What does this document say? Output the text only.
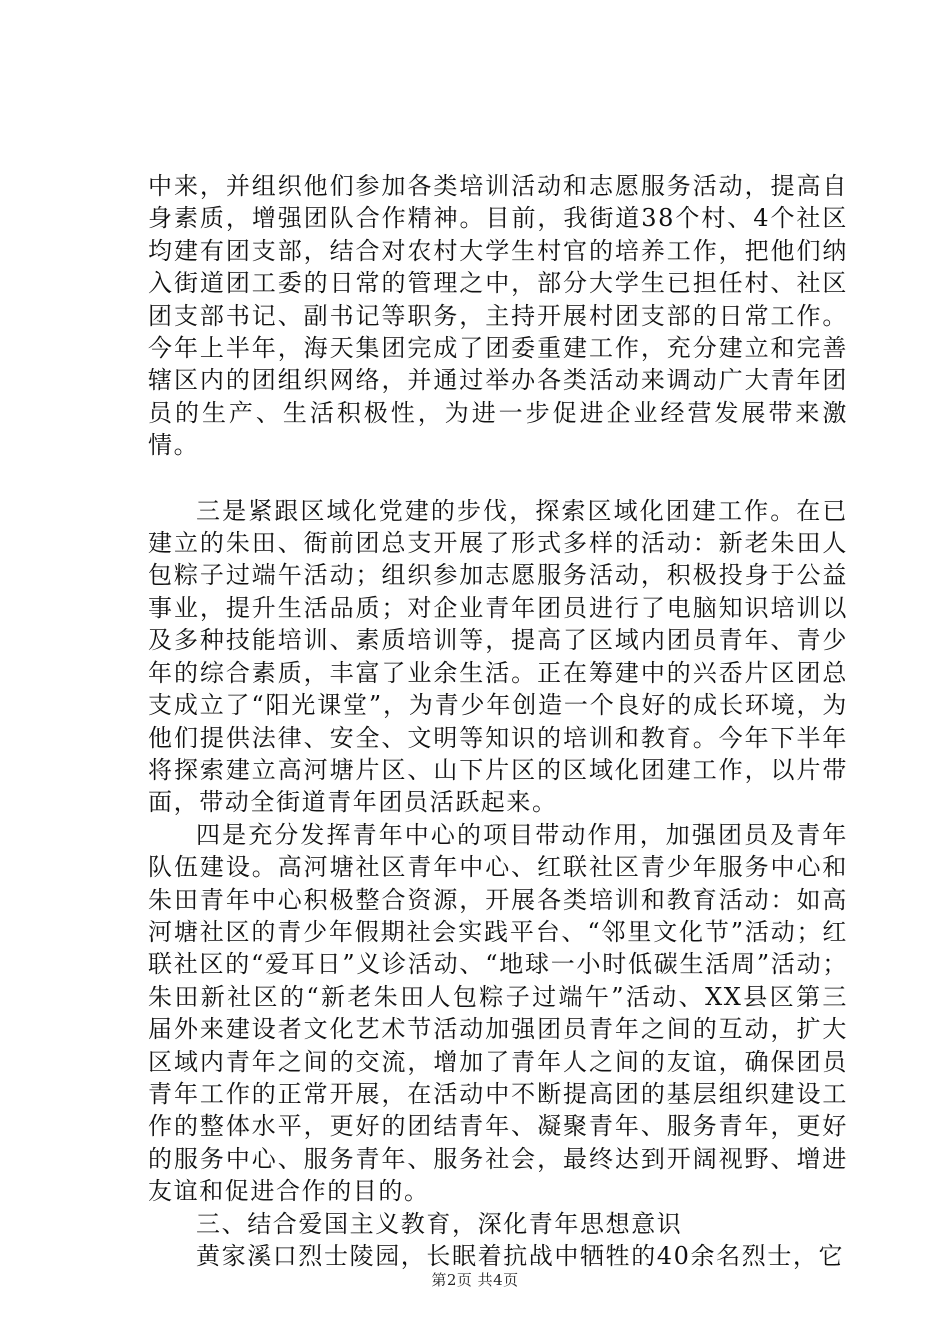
中来，并组织他们参加各类培训活动和志愿服务活动，提高自身素质，增强团队合作精神。目前，我街道38个村、4个社区均建有团支部，结合对农村大学生村官的培养工作，把他们纳入街道团工委的日常的管理之中，部分大学生已担任村、社区团支部书记、副书记等职务，主持开展村团支部的日常工作。今年上半年，海天集团完成了团委重建工作，充分建立和完善辖区内的团组织网络，并通过举办各类活动来调动广大青年团员的生产、生活积极性，为进一步促进企业经营发展带来激情。

三是紧跟区域化党建的步伐，探索区域化团建工作。在已建立的朱田、衙前团总支开展了形式多样的活动：新老朱田人包粽子过端午活动；组织参加志愿服务活动，积极投身于公益事业，提升生活品质；对企业青年团员进行了电脑知识培训以及多种技能培训、素质培训等，提高了区域内团员青年、青少年的综合素质，丰富了业余生活。正在筹建中的兴岙片区团总支成立了“阳光课堂”，为青少年创造一个良好的成长环境，为他们提供法律、安全、文明等知识的培训和教育。今年下半年将探索建立高河塘片区、山下片区的区域化团建工作，以片带面，带动全街道青年团员活跃起来。

四是充分发挥青年中心的项目带动作用，加强团员及青年队伍建设。高河塘社区青年中心、红联社区青少年服务中心和朱田青年中心积极整合资源，开展各类培训和教育活动：如高河塘社区的青少年假期社会实践平台、“邻里文化节”活动；红联社区的“爱耳日”义诊活动、“地球一小时低碳生活周”活动；朱田新社区的“新老朱田人包粽子过端午”活动、XX县区第三届外来建设者文化艺术节活动加强团员青年之间的互动，扩大区域内青年之间的交流，增加了青年人之间的友谊，确保团员青年工作的正常开展，在活动中不断提高团的基层组织建设工作的整体水平，更好的团结青年、凝聚青年、服务青年，更好的服务中心、服务青年、服务社会，最终达到开阔视野、增进友谊和促进合作的目的。

三、结合爱国主义教育，深化青年思想意识

黄家溪口烈士陵园，长眠着抗战中牺牲的40余名烈士，它

第2页 共4页
